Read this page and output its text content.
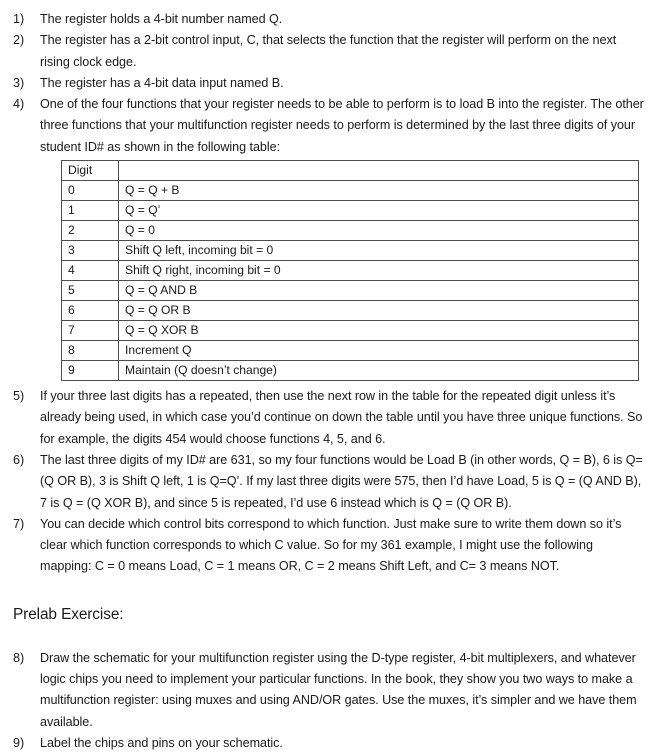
1)	The register holds a 4-bit number named Q.
2)	The register has a 2-bit control input, C, that selects the function that the register will perform on the next rising clock edge.
3)	The register has a 4-bit data input named B.
4)	One of the four functions that your register needs to be able to perform is to load B into the register. The other three functions that your multifunction register needs to perform is determined by the last three digits of your student ID# as shown in the following table:
Digit	
0	Q = Q + B
1	Q = Q’
2	Q = 0
3	Shift Q left, incoming bit = 0
4	Shift Q right, incoming bit = 0
5	Q = Q AND B
6	Q = Q OR B
7	Q = Q XOR B
8	Increment Q
9	Maintain (Q doesn’t change)
5)	If your three last digits has a repeated, then use the next row in the table for the repeated digit unless it’s already being used, in which case you’d continue on down the table until you have three unique functions. So for example, the digits 454 would choose functions 4, 5, and 6.
6)	The last three digits of my ID# are 631, so my four functions would be Load B (in other words, Q = B), 6 is Q=(Q OR B), 3 is Shift Q left, 1 is Q=Q’. If my last three digits were 575, then I’d have Load, 5 is Q = (Q AND B), 7 is Q = (Q XOR B), and since 5 is repeated, I’d use 6 instead which is Q = (Q OR B).
7)	You can decide which control bits correspond to which function. Just make sure to write them down so it’s clear which function corresponds to which C value. So for my 361 example, I might use the following mapping: C = 0 means Load, C = 1 means OR, C = 2 means Shift Left, and C= 3 means NOT.
Prelab Exercise:
8)	Draw the schematic for your multifunction register using the D-type register, 4-bit multiplexers, and whatever logic chips you need to implement your particular functions. In the book, they show you two ways to make a multifunction register: using muxes and using AND/OR gates. Use the muxes, it’s simpler and we have them available.
9)	Label the chips and pins on your schematic.
